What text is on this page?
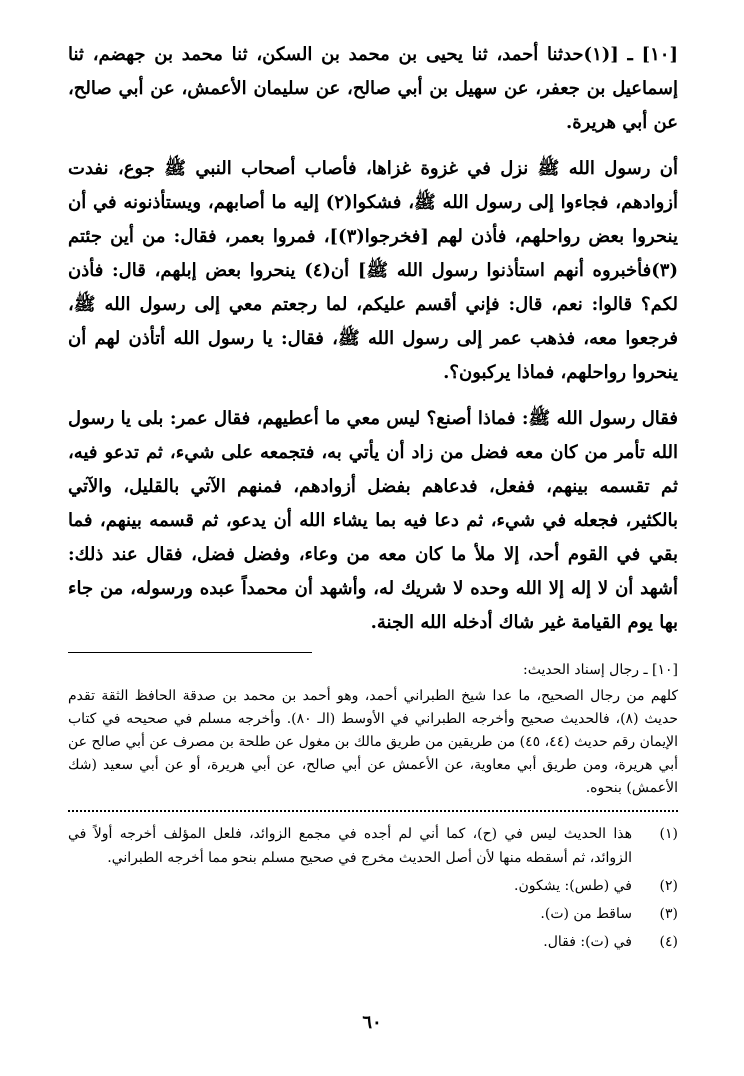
[١٠] ـ [(١)حدثنا أحمد، ثنا يحيى بن محمد بن السكن، ثنا محمد بن جهضم، ثنا إسماعيل بن جعفر، عن سهيل بن أبي صالح، عن سليمان الأعمش، عن أبي صالح، عن أبي هريرة.

أن رسول الله ﷺ نزل في غزوة غزاها، فأصاب أصحاب النبي ﷺ جوع، نفدت أزوادهم، فجاءوا إلى رسول الله ﷺ، فشكوا(٢) إليه ما أصابهم، ويستأذنونه في أن ينحروا بعض رواحلهم، فأذن لهم [فخرجوا(٣)]، فمروا بعمر، فقال: من أين جئتم (٣)فأخبروه أنهم استأذنوا رسول الله ﷺ] أن(٤) ينحروا بعض إبلهم، قال: فأذن لكم؟ قالوا: نعم، قال: فإني أقسم عليكم، لما رجعتم معي إلى رسول الله ﷺ، فرجعوا معه، فذهب عمر إلى رسول الله ﷺ، فقال: يا رسول الله أتأذن لهم أن ينحروا رواحلهم، فماذا يركبون؟.

فقال رسول الله ﷺ: فماذا أصنع؟ ليس معي ما أعطيهم، فقال عمر: بلى يا رسول الله تأمر من كان معه فضل من زاد أن يأتي به، فتجمعه على شيء، ثم تدعو فيه، ثم تقسمه بينهم، ففعل، فدعاهم بفضل أزوادهم، فمنهم الآتي بالقليل، والآتي بالكثير، فجعله في شيء، ثم دعا فيه بما يشاء الله أن يدعو، ثم قسمه بينهم، فما بقي في القوم أحد، إلا ملأ ما كان معه من وعاء، وفضل فضل، فقال عند ذلك: أشهد أن لا إله إلا الله وحده لا شريك له، وأشهد أن محمداً عبده ورسوله، من جاء بها يوم القيامة غير شاك أدخله الله الجنة.

[١٠] ـ رجال إسناد الحديث:

كلهم من رجال الصحيح، ما عدا شيخ الطبراني أحمد، وهو أحمد بن محمد بن صدقة الحافظ الثقة تقدم حديث (٨)، فالحديث صحيح وأخرجه الطبراني في الأوسط (الـ ٨٠). وأخرجه مسلم في صحيحه في كتاب الإيمان رقم حديث (٤٤، ٤٥) من طريقين من طريق مالك بن مغول عن طلحة بن مصرف عن أبي صالح عن أبي هريرة، ومن طريق أبي معاوية، عن الأعمش عن أبي صالح، عن أبي هريرة، أو عن أبي سعيد (شك الأعمش) بنحوه.

(١)
هذا الحديث ليس في (ح)، كما أني لم أجده في مجمع الزوائد، فلعل المؤلف أخرجه أولاً في الزوائد، ثم أسقطه منها لأن أصل الحديث مخرج في صحيح مسلم بنحو مما أخرجه الطبراني.
(٢)
في (طس): يشكون.
(٣)
ساقط من (ت).
(٤)
في (ت): فقال.
٦٠
